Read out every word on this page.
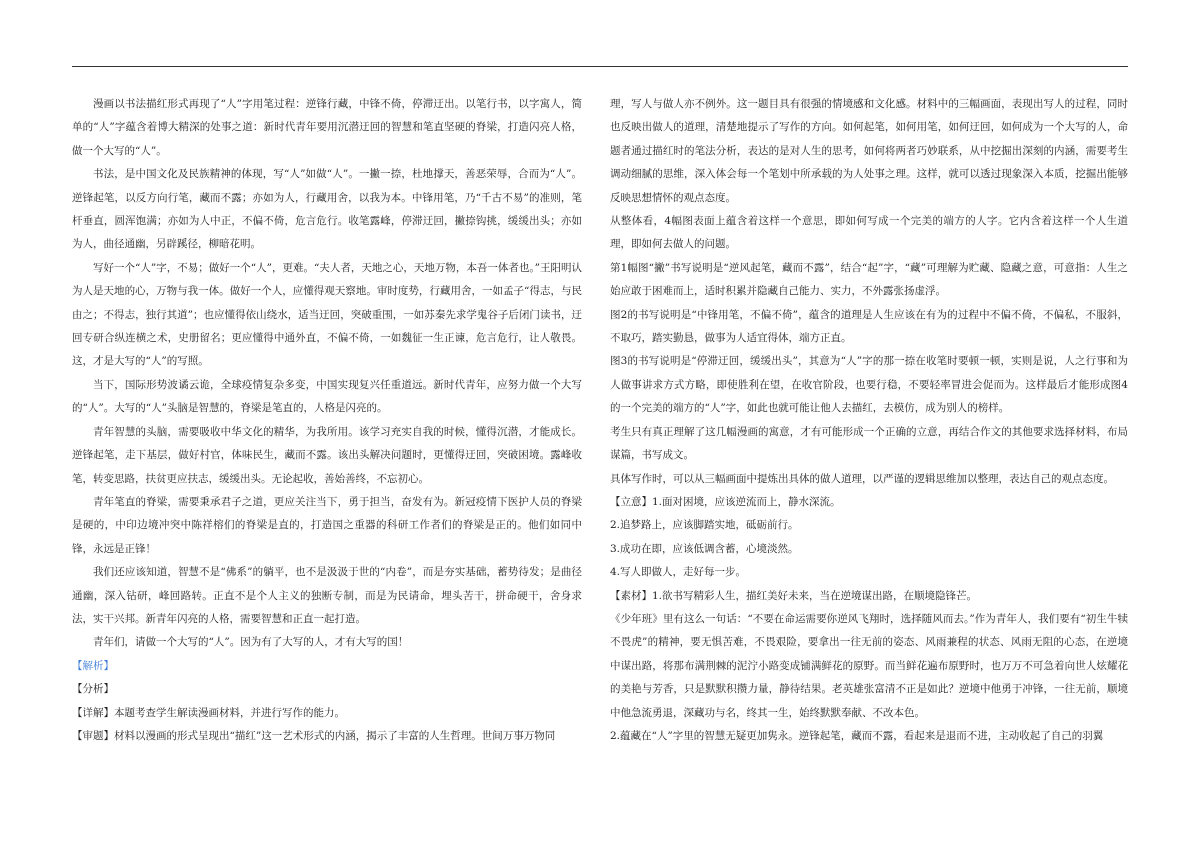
漫画以书法描红形式再现了“人”字用笔过程：逆锋行藏，中锋不倚，停滞迂出。以笔行书，以字寓人，简单的“人”字蕴含着博大精深的处事之道：新时代青年要用沉潜迂回的智慧和笔直坚硬的脊梁，打造闪亮人格，做一个大写的“人”。

书法，是中国文化及民族精神的体现，写“人”如做“人”。一撇一捺，杜地撑天，善恶荣辱，合而为“人”。逆锋起笔，以反方向行笔，藏而不露；亦如为人，行藏用舍，以我为本。中锋用笔，乃“千古不易”的准则，笔杆垂直，圆浑饱满；亦如为人中正，不偏不倚，危言危行。收笔露峰，停滞迂回，撇捺钩挑，缓缓出头；亦如为人，曲径通幽，另辟蹊径，柳暗花明。

写好一个“人”字，不易；做好一个“人”，更难。“夫人者，天地之心，天地万物，本吾一体者也。”王阳明认为人是天地的心，万物与我一体。做好一个人，应懂得观天察地。审时度势，行藏用舍，一如孟子“得志，与民由之；不得志，独行其道”；也应懂得依山绕水，适当迂回，突破重围，一如苏秦先求学鬼谷子后闭门读书，迂回专研合纵连横之术，史册留名；更应懂得中通外直，不偏不倚，一如魏征一生正谏，危言危行，让人敬畏。这，才是大写的“人”的写照。

当下，国际形势波谲云诡，全球疫情复杂多变，中国实现复兴任重道远。新时代青年，应努力做一个大写的“人”。大写的“人”头脑是智慧的，脊梁是笔直的，人格是闪亮的。

青年智慧的头脑，需要吸收中华文化的精华，为我所用。该学习充实自我的时候，懂得沉潜，才能成长。逆锋起笔，走下基层，做好村官，体味民生，藏而不露。该出头解决问题时，更懂得迂回，突破困境。露峰收笔，转变思路，扶贫更应扶志，缓缓出头。无论起收，善始善终，不忘初心。

青年笔直的脊梁，需要秉承君子之道，更应关注当下，勇于担当，奋发有为。新冠疫情下医护人员的脊梁是硬的，中印边境冲突中陈祥榕们的脊梁是直的，打造国之重器的科研工作者们的脊梁是正的。他们如同中锋，永远是正锋！

我们还应该知道，智慧不是“佛系”的躺平，也不是汲汲于世的“内卷”，而是夯实基础，蓄势待发；是曲径通幽，深入钻研，峰回路转。正直不是个人主义的独断专制，而是为民请命，埋头苦干，拼命硬干，舍身求法，实干兴邦。新青年闪亮的人格，需要智慧和正直一起打造。

青年们，请做一个大写的“人”。因为有了大写的人，才有大写的国！

【解析】

【分析】

【详解】本题考查学生解读漫画材料，并进行写作的能力。

【审题】材料以漫画的形式呈现出“描红”这一艺术形式的内涵，揭示了丰富的人生哲理。世间万事万物同

理，写人与做人亦不例外。这一题目具有很强的情境感和文化感。材料中的三幅画面，表现出写人的过程，同时也反映出做人的道理，清楚地提示了写作的方向。如何起笔，如何用笔，如何迂回，如何成为一个大写的人，命题者通过描红时的笔法分析，表达的是对人生的思考，如何将两者巧妙联系，从中挖掘出深刻的内涵，需要考生调动细腻的思维，深入体会每一个笔划中所承载的为人处事之理。这样，就可以透过现象深入本质，挖掘出能够反映思想情怀的观点态度。

从整体看，4幅图表面上蕴含着这样一个意思，即如何写成一个完美的端方的人字。它内含着这样一个人生道理，即如何去做人的问题。

第1幅图“撇”书写说明是“逆风起笔，藏而不露”，结合“起”字，“藏”可理解为贮藏、隐藏之意，可意指：人生之始应敢于困难而上，适时积累并隐藏自己能力、实力，不外露张扬虚浮。

图2的书写说明是“中锋用笔，不偏不倚”，蕴含的道理是人生应该在有为的过程中不偏不倚，不偏私，不服斜，不取巧，踏实勤恳，做事为人适宜得体，端方正直。

图3的书写说明是“停滞迂回，缓缓出头”，其意为“人”字的那一捺在收笔时要顿一顿，实则是说，人之行事和为人做事讲求方式方略，即使胜利在望，在收官阶段，也要行稳，不要轻率冒进会促而为。这样最后才能形成图4的一个完美的端方的“人”字，如此也就可能让他人去描红，去模仿，成为别人的榜样。

考生只有真正理解了这几幅漫画的寓意，才有可能形成一个正确的立意，再结合作文的其他要求选择材料，布局谋篇，书写成文。

具体写作时，可以从三幅画面中提炼出具体的做人道理，以严谨的逻辑思维加以整理，表达自己的观点态度。

【立意】1.面对困境，应该逆流而上，静水深流。

2.追梦路上，应该脚踏实地，砥砺前行。

3.成功在即，应该低调含蓄，心境淡然。

4.写人即做人，走好每一步。

【素材】1.欲书写精彩人生，描红美好未来，当在逆境谋出路，在顺境隐锋芒。

《少年班》里有这么一句话：“不要在命运需要你逆风飞翔时，选择随风而去。”作为青年人，我们要有“初生牛犊不畏虎”的精神，要无惧苦难，不畏艰险，要拿出一往无前的姿态、风雨兼程的状态、风雨无阻的心态，在逆境中谋出路，将那布满荆棘的泥泞小路变成铺满鲜花的原野。而当鲜花遍布原野时，也万万不可急着向世人炫耀花的美艳与芳香，只是默默积攒力量，静待结果。老英雄张富清不正是如此？逆境中他勇于冲锋，一往无前，顺境中他急流勇退，深藏功与名，终其一生，始终默默奉献、不改本色。

2.蕴藏在“人”字里的智慧无疑更加隽永。逆锋起笔，藏而不露，看起来是退而不进，主动收起了自己的羽翼
